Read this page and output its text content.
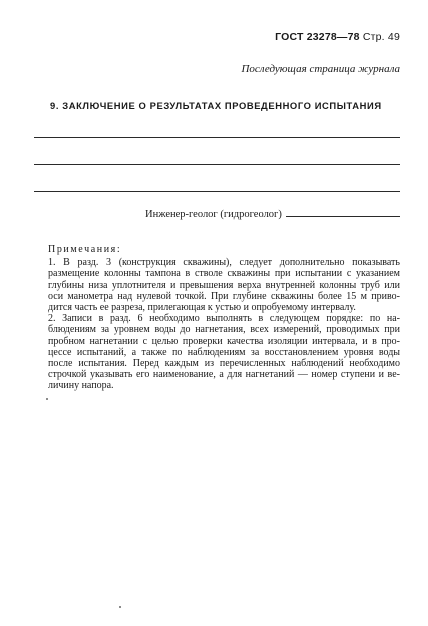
ГОСТ 23278—78 Стр. 49
Последующая страница журнала
9. ЗАКЛЮЧЕНИЕ О РЕЗУЛЬТАТАХ ПРОВЕДЕННОГО ИСПЫТАНИЯ
Инженер-геолог (гидрогеолог)
Примечания:
1. В разд. 3 (конструкция скважины), следует дополнительно показывать
размещение колонны тампона в стволе скважины при испытании с указанием
глубины низа уплотнителя и превышения верха внутренней колонны труб или
оси манометра над нулевой точкой. При глубине скважины более 15 м приво-
дится часть ее разреза, прилегающая к устью и опробуемому интервалу.
2. Записи в разд. 6 необходимо выполнять в следующем порядке: по на-
блюдениям за уровнем воды до нагнетания, всех измерений, проводимых при
пробном нагнетании с целью проверки качества изоляции интервала, и в про-
цессе испытаний, а также по наблюдениям за восстановлением уровня воды
после испытания. Перед каждым из перечисленных наблюдений необходимо
строчкой указывать его наименование, а для нагнетаний — номер ступени и ве-
личину напора.
